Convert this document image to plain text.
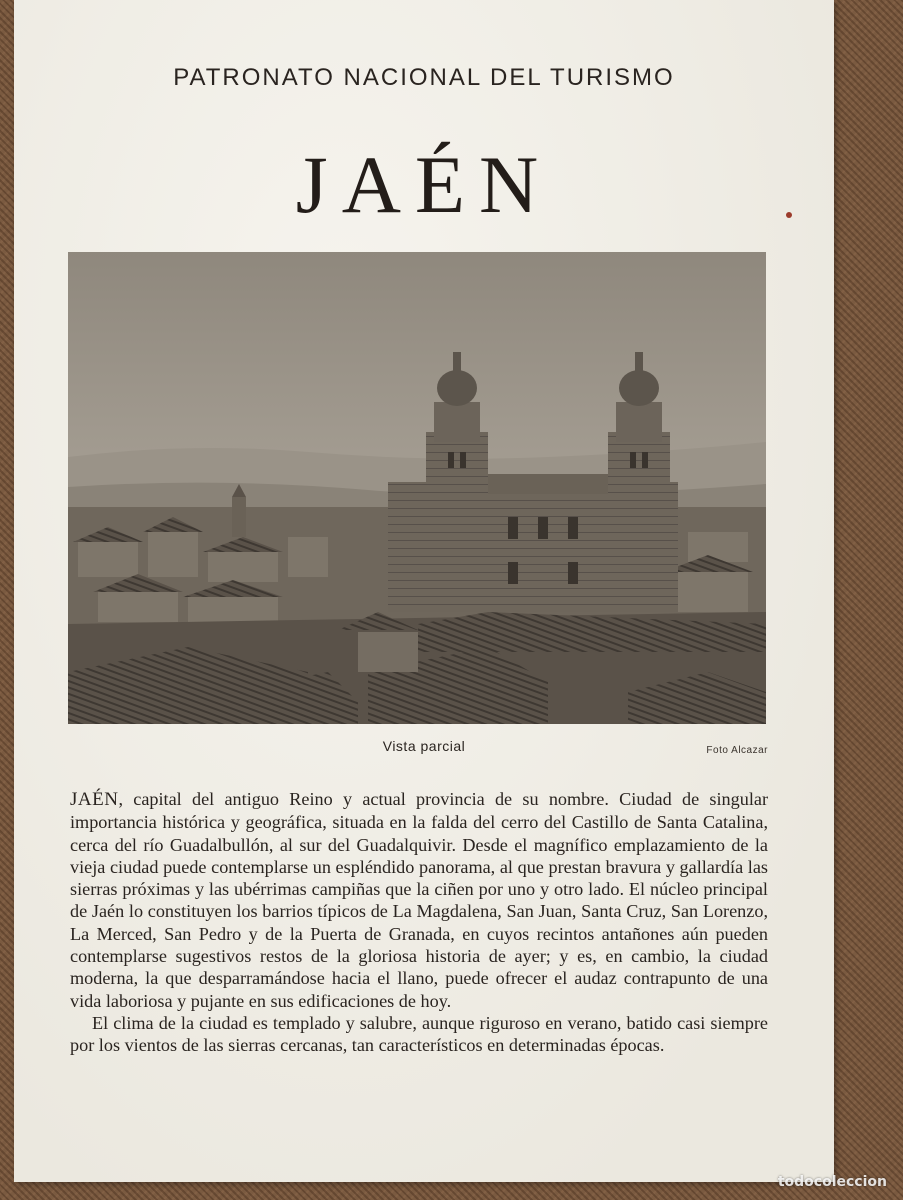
PATRONATO NACIONAL DEL TURISMO
JAÉN
Vista parcial	Foto Alcazar

JAÉN, capital del antiguo Reino y actual provincia de su nombre. Ciudad de singular importancia histórica y geográfica, situada en la falda del cerro del Castillo de Santa Catalina, cerca del río Guadalbullón, al sur del Guadalquivir. Desde el magnífico emplazamiento de la vieja ciudad puede contemplarse un espléndido panorama, al que prestan bravura y gallardía las sierras próximas y las ubérrimas campiñas que la ciñen por uno y otro lado. El núcleo principal de Jaén lo constituyen los barrios típicos de La Magdalena, San Juan, Santa Cruz, San Lorenzo, La Merced, San Pedro y de la Puerta de Granada, en cuyos recintos antañones aún pueden contemplarse sugestivos restos de la gloriosa historia de ayer; y es, en cambio, la ciudad moderna, la que desparramándose hacia el llano, puede ofrecer el audaz contrapunto de una vida laboriosa y pujante en sus edificaciones de hoy.

El clima de la ciudad es templado y salubre, aunque riguroso en verano, batido casi siempre por los vientos de las sierras cercanas, tan característicos en determinadas épocas.

todocoleccion
